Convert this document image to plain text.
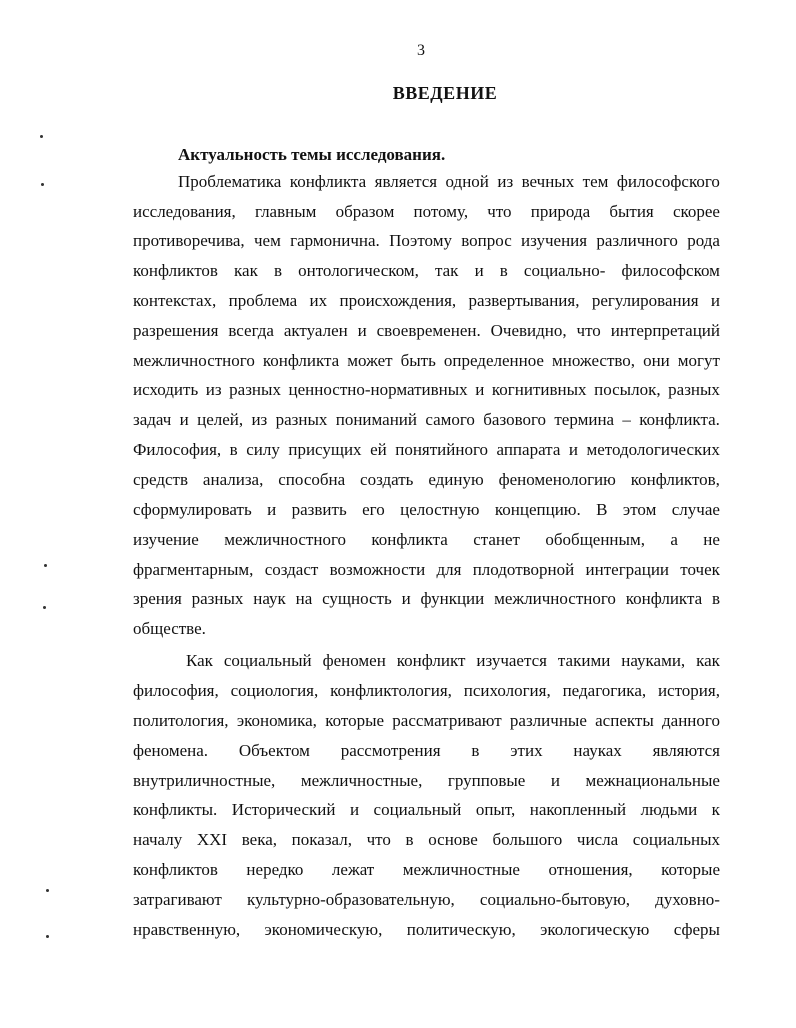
3
ВВЕДЕНИЕ
Актуальность темы исследования.
Проблематика конфликта является одной из вечных тем философского
исследования, главным образом потому, что природа бытия скорее
противоречива, чем гармонична. Поэтому вопрос изучения различного рода
конфликтов как в онтологическом, так и в социально- философском
контекстах, проблема их происхождения, развертывания, регулирования и
разрешения всегда актуален и своевременен. Очевидно, что интерпретаций
межличностного конфликта может быть определенное множество, они могут
исходить из разных ценностно-нормативных и когнитивных посылок, разных
задач и целей, из разных пониманий самого базового термина – конфликта.
Философия, в силу присущих ей понятийного аппарата и методологических
средств анализа, способна создать единую феноменологию конфликтов,
сформулировать и развить его целостную концепцию. В этом случае
изучение межличностного конфликта станет обобщенным, а не
фрагментарным, создаст возможности для плодотворной интеграции точек
зрения разных наук на сущность и функции межличностного конфликта в
обществе.
Как социальный феномен конфликт изучается такими науками, как
философия, социология, конфликтология, психология, педагогика, история,
политология, экономика, которые рассматривают различные аспекты данного
феномена. Объектом рассмотрения в этих науках являются
внутриличностные, межличностные, групповые и межнациональные
конфликты. Исторический и социальный опыт, накопленный людьми к
началу XXI века, показал, что в основе большого числа социальных
конфликтов нередко лежат межличностные отношения, которые
затрагивают культурно-образовательную, социально-бытовую, духовно-
нравственную, экономическую, политическую, экологическую сферы
